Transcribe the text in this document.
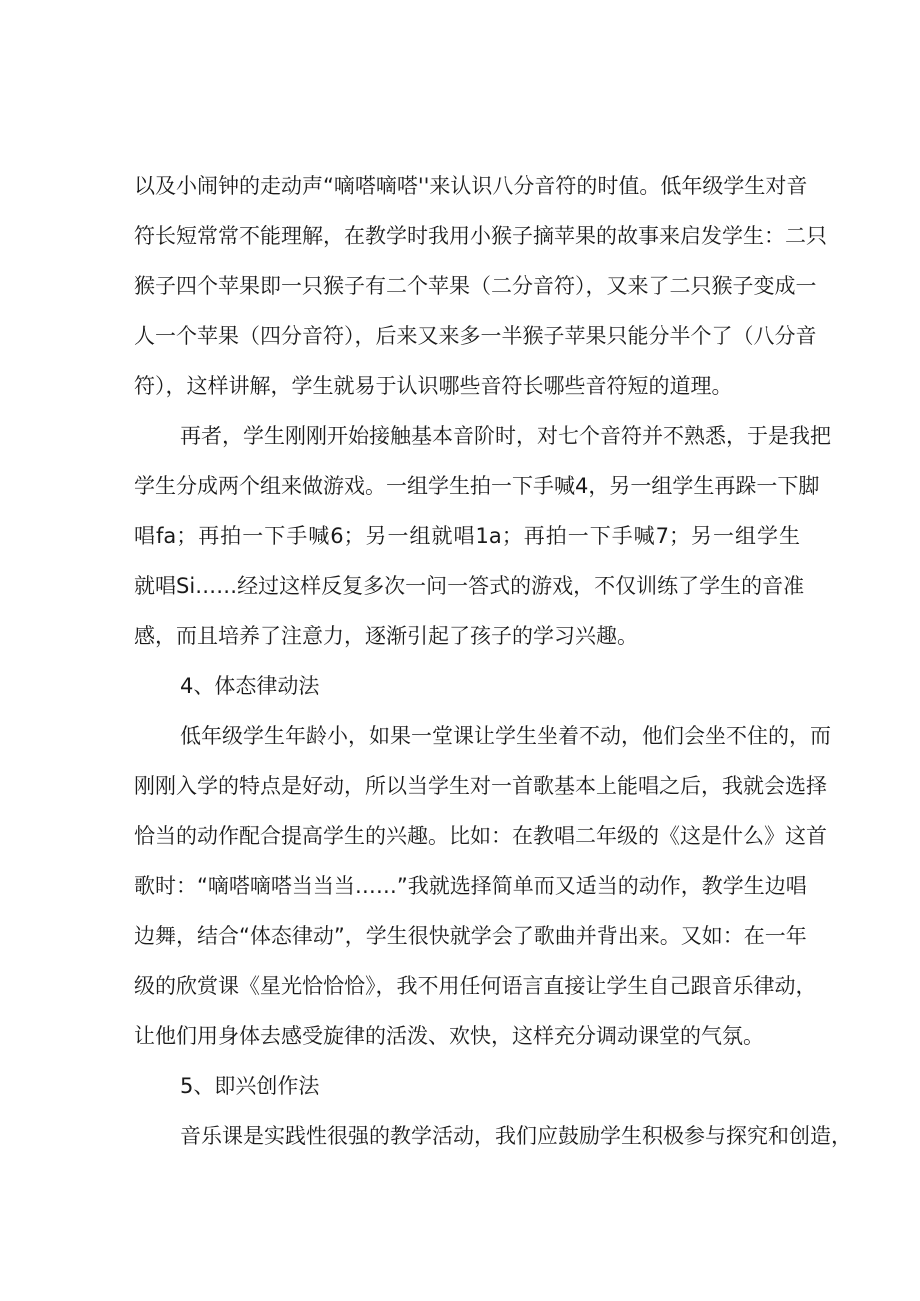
以及小闹钟的走动声“嘀嗒嘀嗒''来认识八分音符的时值。低年级学生对音
符长短常常不能理解，在教学时我用小猴子摘苹果的故事来启发学生：二只
猴子四个苹果即一只猴子有二个苹果（二分音符），又来了二只猴子变成一
人一个苹果（四分音符），后来又来多一半猴子苹果只能分半个了（八分音
符），这样讲解，学生就易于认识哪些音符长哪些音符短的道理。
再者，学生刚刚开始接触基本音阶时，对七个音符并不熟悉，于是我把
学生分成两个组来做游戏。一组学生拍一下手喊4，另一组学生再跺一下脚
唱fa；再拍一下手喊6；另一组就唱1a；再拍一下手喊7；另一组学生
就唱Si……经过这样反复多次一问一答式的游戏，不仅训练了学生的音准
感，而且培养了注意力，逐渐引起了孩子的学习兴趣。
4、体态律动法
低年级学生年龄小，如果一堂课让学生坐着不动，他们会坐不住的，而
刚刚入学的特点是好动，所以当学生对一首歌基本上能唱之后，我就会选择
恰当的动作配合提高学生的兴趣。比如：在教唱二年级的《这是什么》这首
歌时：“嘀嗒嘀嗒当当当……”我就选择简单而又适当的动作，教学生边唱
边舞，结合“体态律动”，学生很快就学会了歌曲并背出来。又如：在一年
级的欣赏课《星光恰恰恰》，我不用任何语言直接让学生自己跟音乐律动，
让他们用身体去感受旋律的活泼、欢快，这样充分调动课堂的气氛。
5、即兴创作法
音乐课是实践性很强的教学活动，我们应鼓励学生积极参与探究和创造，
